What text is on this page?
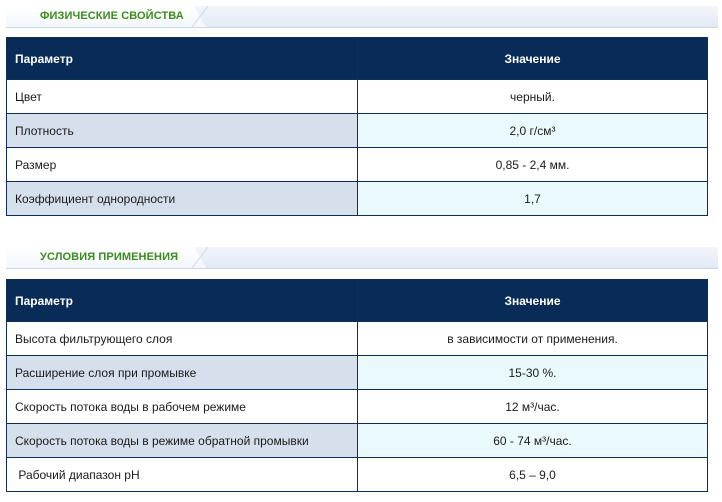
ФИЗИЧЕСКИЕ СВОЙСТВА
Параметр	Значение
Цвет	черный.
Плотность	2,0 г/см³
Размер	0,85 - 2,4 мм.
Коэффициент однородности	1,7
УСЛОВИЯ ПРИМЕНЕНИЯ
Параметр	Значение
Высота фильтрующего слоя	в зависимости от применения.
Расширение слоя при промывке	15-30 %.
Скорость потока воды в рабочем режиме	12 м³/час.
Скорость потока воды в режиме обратной промывки	60 - 74 м³/час.
Рабочий диапазон pH	6,5 – 9,0
